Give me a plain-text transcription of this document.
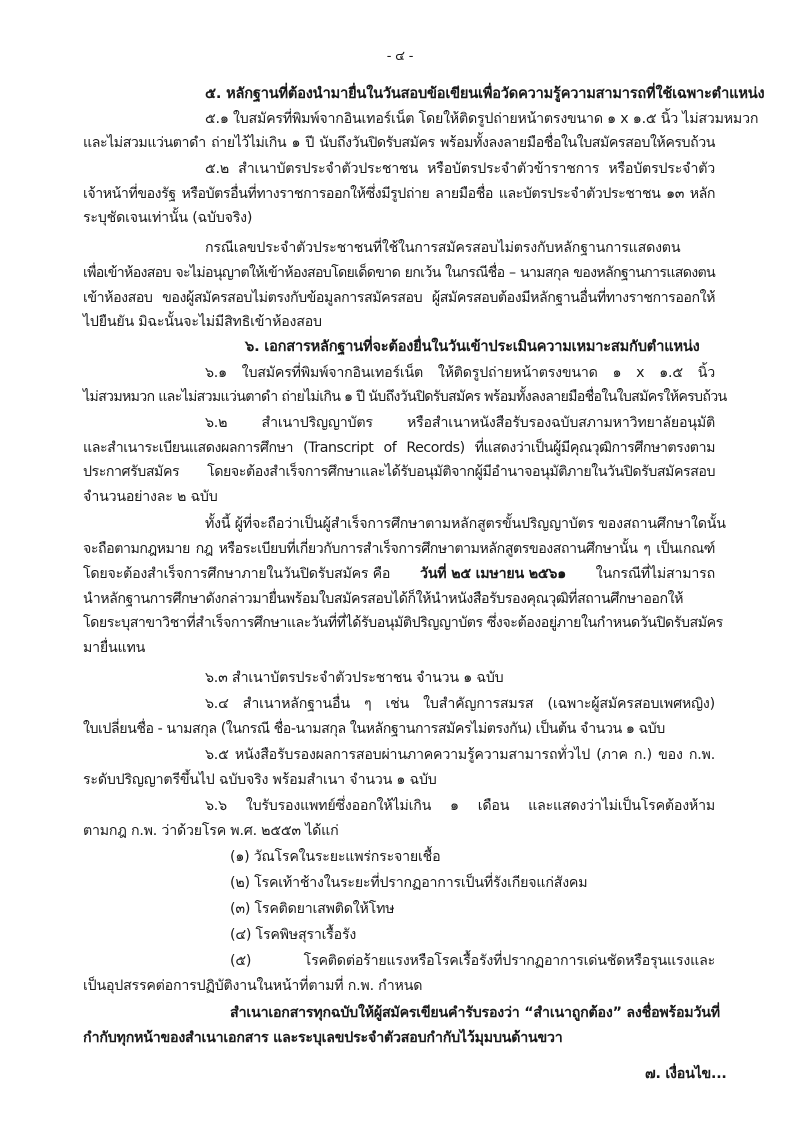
- ๔ -
๕. หลักฐานที่ต้องนำมายื่นในวันสอบข้อเขียนเพื่อวัดความรู้ความสามารถที่ใช้เฉพาะตำแหน่ง
๕.๑ ใบสมัครที่พิมพ์จากอินเทอร์เน็ต โดยให้ติดรูปถ่ายหน้าตรงขนาด ๑ x ๑.๕ นิ้ว ไม่สวมหมวก
และไม่สวมแว่นตาดำ ถ่ายไว้ไม่เกิน ๑ ปี นับถึงวันปิดรับสมัคร พร้อมทั้งลงลายมือชื่อในใบสมัครสอบให้ครบถ้วน
๕.๒ สำเนาบัตรประจำตัวประชาชน หรือบัตรประจำตัวข้าราชการ หรือบัตรประจำตัว
เจ้าหน้าที่ของรัฐ หรือบัตรอื่นที่ทางราชการออกให้ซึ่งมีรูปถ่าย ลายมือชื่อ และบัตรประจำตัวประชาชน ๑๓ หลัก
ระบุชัดเจนเท่านั้น (ฉบับจริง)
กรณีเลขประจำตัวประชาชนที่ใช้ในการสมัครสอบไม่ตรงกับหลักฐานการแสดงตน
เพื่อเข้าห้องสอบ จะไม่อนุญาตให้เข้าห้องสอบโดยเด็ดขาด ยกเว้น ในกรณีชื่อ – นามสกุล ของหลักฐานการแสดงตน
เข้าห้องสอบ ของผู้สมัครสอบไม่ตรงกับข้อมูลการสมัครสอบ ผู้สมัครสอบต้องมีหลักฐานอื่นที่ทางราชการออกให้
ไปยืนยัน มิฉะนั้นจะไม่มีสิทธิเข้าห้องสอบ
๖. เอกสารหลักฐานที่จะต้องยื่นในวันเข้าประเมินความเหมาะสมกับตำแหน่ง
๖.๑ ใบสมัครที่พิมพ์จากอินเทอร์เน็ต ให้ติดรูปถ่ายหน้าตรงขนาด ๑ x ๑.๕ นิ้ว
ไม่สวมหมวก และไม่สวมแว่นตาดำ ถ่ายไม่เกิน ๑ ปี นับถึงวันปิดรับสมัคร พร้อมทั้งลงลายมือชื่อในใบสมัครให้ครบถ้วน
๖.๒ สำเนาปริญญาบัตร หรือสำเนาหนังสือรับรองฉบับสภามหาวิทยาลัยอนุมัติ
และสำเนาระเบียนแสดงผลการศึกษา (Transcript of Records) ที่แสดงว่าเป็นผู้มีคุณวุฒิการศึกษาตรงตาม
ประกาศรับสมัคร โดยจะต้องสำเร็จการศึกษาและได้รับอนุมัติจากผู้มีอำนาจอนุมัติภายในวันปิดรับสมัครสอบ
จำนวนอย่างละ ๒ ฉบับ
ทั้งนี้ ผู้ที่จะถือว่าเป็นผู้สำเร็จการศึกษาตามหลักสูตรขั้นปริญญาบัตร ของสถานศึกษาใดนั้น
จะถือตามกฎหมาย กฎ หรือระเบียบที่เกี่ยวกับการสำเร็จการศึกษาตามหลักสูตรของสถานศึกษานั้น ๆ เป็นเกณฑ์
โดยจะต้องสำเร็จการศึกษาภายในวันปิดรับสมัคร คือ วันที่ ๒๕ เมษายน ๒๕๖๑ ในกรณีที่ไม่สามารถ
นำหลักฐานการศึกษาดังกล่าวมายื่นพร้อมใบสมัครสอบได้ก็ให้นำหนังสือรับรองคุณวุฒิที่สถานศึกษาออกให้
โดยระบุสาขาวิชาที่สำเร็จการศึกษาและวันที่ที่ได้รับอนุมัติปริญญาบัตร ซึ่งจะต้องอยู่ภายในกำหนดวันปิดรับสมัคร
มายื่นแทน
๖.๓ สำเนาบัตรประจำตัวประชาชน จำนวน ๑ ฉบับ
๖.๔ สำเนาหลักฐานอื่น ๆ เช่น ใบสำคัญการสมรส (เฉพาะผู้สมัครสอบเพศหญิง)
ใบเปลี่ยนชื่อ - นามสกุล (ในกรณี ชื่อ-นามสกุล ในหลักฐานการสมัครไม่ตรงกัน) เป็นต้น จำนวน ๑ ฉบับ
๖.๕ หนังสือรับรองผลการสอบผ่านภาคความรู้ความสามารถทั่วไป (ภาค ก.) ของ ก.พ.
ระดับปริญญาตรีขึ้นไป ฉบับจริง พร้อมสำเนา จำนวน ๑ ฉบับ
๖.๖ ใบรับรองแพทย์ซึ่งออกให้ไม่เกิน ๑ เดือน และแสดงว่าไม่เป็นโรคต้องห้าม
ตามกฎ ก.พ. ว่าด้วยโรค พ.ศ. ๒๕๕๓ ได้แก่
(๑) วัณโรคในระยะแพร่กระจายเชื้อ
(๒) โรคเท้าช้างในระยะที่ปรากฏอาการเป็นที่รังเกียจแก่สังคม
(๓) โรคติดยาเสพติดให้โทษ
(๔) โรคพิษสุราเรื้อรัง
(๕) โรคติดต่อร้ายแรงหรือโรคเรื้อรังที่ปรากฏอาการเด่นชัดหรือรุนแรงและ
เป็นอุปสรรคต่อการปฏิบัติงานในหน้าที่ตามที่ ก.พ. กำหนด
สำเนาเอกสารทุกฉบับให้ผู้สมัครเขียนคำรับรองว่า “สำเนาถูกต้อง” ลงชื่อพร้อมวันที่
กำกับทุกหน้าของสำเนาเอกสาร และระบุเลขประจำตัวสอบกำกับไว้มุมบนด้านขวา
๗. เงื่อนไข...
